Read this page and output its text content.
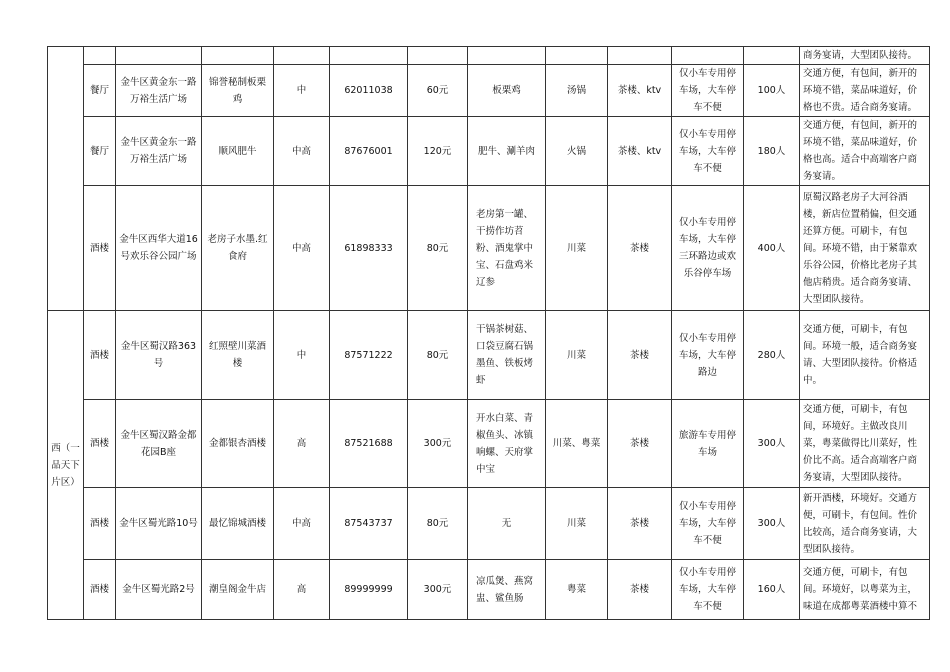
												商务宴请，大型团队接待。
	餐厅	金牛区黄金东一路万裕生活广场	锦誉秘制板栗鸡	中	62011038	60元	板栗鸡	汤锅	茶楼、ktv	仅小车专用停车场，大车停车不便	100人	交通方便，有包间，新开的环境不错，菜品味道好，价格也不贵。适合商务宴请。
	餐厅	金牛区黄金东一路万裕生活广场	顺风肥牛	中高	87676001	120元	肥牛、涮羊肉	火锅	茶楼、ktv	仅小车专用停车场，大车停车不便	180人	交通方便，有包间，新开的环境不错，菜品味道好，价格也高。适合中高端客户商务宴请。
	酒楼	金牛区西华大道16号欢乐谷公园广场	老房子水墨.红食府	中高	61898333	80元	老房第一罐、干捞作坊苕粉、酒鬼掌中宝、石盘鸡米辽参	川菜	茶楼	仅小车专用停车场，大车停三环路边或欢乐谷停车场	400人	原蜀汉路老房子大河谷酒楼，新店位置稍偏，但交通还算方便。可刷卡，有包间。环境不错，由于紧靠欢乐谷公园，价格比老房子其他店稍贵。适合商务宴请、大型团队接待。
西（一品天下片区）	酒楼	金牛区蜀汉路363号	红照壁川菜酒楼	中	87571222	80元	干锅茶树菇、口袋豆腐石锅墨鱼、铁板烤虾	川菜	茶楼	仅小车专用停车场，大车停路边	280人	交通方便，可刷卡，有包间。环境一般，适合商务宴请、大型团队接待。价格适中。
	酒楼	金牛区蜀汉路金都花园B座	金都银杏酒楼	高	87521688	300元	开水白菜、青椒鱼头、冰镇响螺、天府掌中宝	川菜、粤菜	茶楼	旅游车专用停车场	300人	交通方便，可刷卡，有包间，环境好。主做改良川菜，粤菜做得比川菜好，性价比不高。适合高端客户商务宴请，大型团队接待。
	酒楼	金牛区蜀光路10号	最忆锦城酒楼	中高	87543737	80元	无	川菜	茶楼	仅小车专用停车场，大车停车不便	300人	新开酒楼，环境好。交通方便，可刷卡，有包间。性价比较高，适合商务宴请，大型团队接待。
	酒楼	金牛区蜀光路2号	潮皇阁金牛店	高	89999999	300元	凉瓜煲、燕窝盅、鲨鱼肠	粤菜	茶楼	仅小车专用停车场，大车停车不便	160人	交通方便，可刷卡，有包间。环境好，以粤菜为主，味道在成都粤菜酒楼中算不
